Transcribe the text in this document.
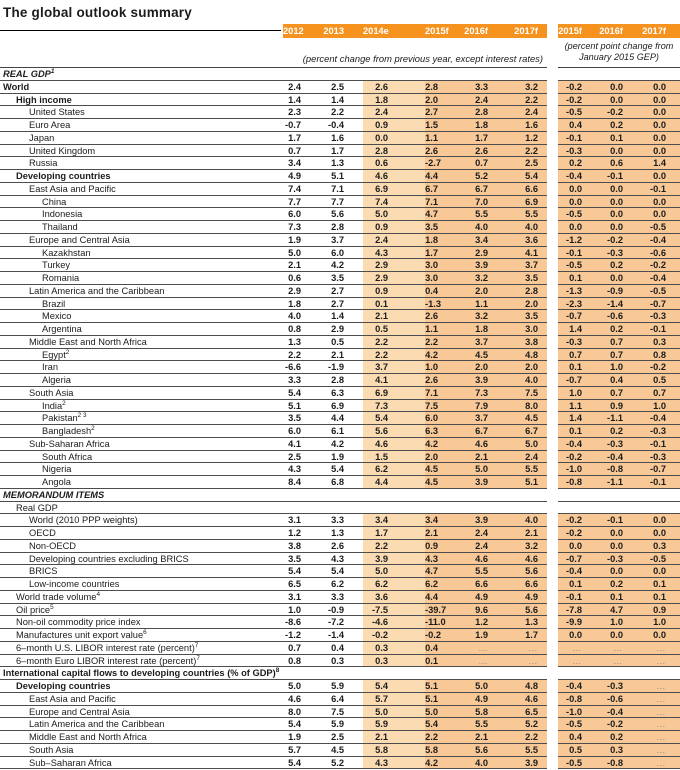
The global outlook summary
2012	2013	2014e	2015f	2016f	2017f	2015f	2016f	2017f
(percent change from previous year, except interest rates)
(percent point change from
January 2015 GEP)
REAL GDP$^1$
World	2.4	2.5	2.6	2.8	3.3	3.2	-0.2	0.0	0.0
High income	1.4	1.4	1.8	2.0	2.4	2.2	-0.2	0.0	0.0
United States	2.3	2.2	2.4	2.7	2.8	2.4	-0.5	-0.2	0.0
Euro Area	-0.7	-0.4	0.9	1.5	1.8	1.6	0.4	0.2	0.0
Japan	1.7	1.6	0.0	1.1	1.7	1.2	-0.1	0.1	0.0
United Kingdom	0.7	1.7	2.8	2.6	2.6	2.2	-0.3	0.0	0.0
Russia	3.4	1.3	0.6	-2.7	0.7	2.5	0.2	0.6	1.4
Developing countries	4.9	5.1	4.6	4.4	5.2	5.4	-0.4	-0.1	0.0
East Asia and Pacific	7.4	7.1	6.9	6.7	6.7	6.6	0.0	0.0	-0.1
China	7.7	7.7	7.4	7.1	7.0	6.9	0.0	0.0	0.0
Indonesia	6.0	5.6	5.0	4.7	5.5	5.5	-0.5	0.0	0.0
Thailand	7.3	2.8	0.9	3.5	4.0	4.0	0.0	0.0	-0.5
Europe and Central Asia	1.9	3.7	2.4	1.8	3.4	3.6	-1.2	-0.2	-0.4
Kazakhstan	5.0	6.0	4.3	1.7	2.9	4.1	-0.1	-0.3	-0.6
Turkey	2.1	4.2	2.9	3.0	3.9	3.7	-0.5	0.2	-0.2
Romania	0.6	3.5	2.9	3.0	3.2	3.5	0.1	0.0	-0.4
Latin America and the Caribbean	2.9	2.7	0.9	0.4	2.0	2.8	-1.3	-0.9	-0.5
Brazil	1.8	2.7	0.1	-1.3	1.1	2.0	-2.3	-1.4	-0.7
Mexico	4.0	1.4	2.1	2.6	3.2	3.5	-0.7	-0.6	-0.3
Argentina	0.8	2.9	0.5	1.1	1.8	3.0	1.4	0.2	-0.1
Middle East and North Africa	1.3	0.5	2.2	2.2	3.7	3.8	-0.3	0.7	0.3
Egypt$^2$	2.2	2.1	2.2	4.2	4.5	4.8	0.7	0.7	0.8
Iran	-6.6	-1.9	3.7	1.0	2.0	2.0	0.1	1.0	-0.2
Algeria	3.3	2.8	4.1	2.6	3.9	4.0	-0.7	0.4	0.5
South Asia	5.4	6.3	6.9	7.1	7.3	7.5	1.0	0.7	0.7
India$^2$	5.1	6.9	7.3	7.5	7.9	8.0	1.1	0.9	1.0
Pakistan$^{2 3}$	3.5	4.4	5.4	6.0	3.7	4.5	1.4	-1.1	-0.4
Bangladesh$^2$	6.0	6.1	5.6	6.3	6.7	6.7	0.1	0.2	-0.3
Sub-Saharan Africa	4.1	4.2	4.6	4.2	4.6	5.0	-0.4	-0.3	-0.1
South Africa	2.5	1.9	1.5	2.0	2.1	2.4	-0.2	-0.4	-0.3
Nigeria	4.3	5.4	6.2	4.5	5.0	5.5	-1.0	-0.8	-0.7
Angola	8.4	6.8	4.4	4.5	3.9	5.1	-0.8	-1.1	-0.1
MEMORANDUM ITEMS
Real GDP
World (2010 PPP weights)	3.1	3.3	3.4	3.4	3.9	4.0	-0.2	-0.1	0.0
OECD	1.2	1.3	1.7	2.1	2.4	2.1	-0.2	0.0	0.0
Non-OECD	3.8	2.6	2.2	0.9	2.4	3.2	0.0	0.0	0.3
Developing countries excluding BRICS	3.5	4.3	3.9	4.3	4.6	4.6	-0.7	-0.3	-0.5
BRICS	5.4	5.4	5.0	4.7	5.5	5.6	-0.4	0.0	0.0
Low-income countries	6.5	6.2	6.2	6.2	6.6	6.6	0.1	0.2	0.1
World trade volume$^4$	3.1	3.3	3.6	4.4	4.9	4.9	-0.1	0.1	0.1
Oil price$^5$	1.0	-0.9	-7.5	-39.7	9.6	5.6	-7.8	4.7	0.9
Non-oil commodity price index	-8.6	-7.2	-4.6	-11.0	1.2	1.3	-9.9	1.0	1.0
Manufactures unit export value$^6$	-1.2	-1.4	-0.2	-0.2	1.9	1.7	0.0	0.0	0.0
6–month U.S. LIBOR interest rate (percent)$^7$	0.7	0.4	0.3	0.4	…	…	…	…	…
6–month Euro LIBOR interest rate (percent)$^7$	0.8	0.3	0.3	0.1	…	…	…	…	…
International capital flows to developing countries (% of GDP)$^8$
Developing countries	5.0	5.9	5.4	5.1	5.0	4.8	-0.4	-0.3	…
East Asia and Pacific	4.6	6.4	5.7	5.1	4.9	4.6	-0.8	-0.6	…
Europe and Central Asia	8.0	7.5	5.0	5.0	5.8	6.5	-1.0	-0.4	…
Latin America and the Caribbean	5.4	5.9	5.9	5.4	5.5	5.2	-0.5	-0.2	…
Middle East and North Africa	1.9	2.5	2.1	2.2	2.1	2.2	0.4	0.2	…
South Asia	5.7	4.5	5.8	5.8	5.6	5.5	0.5	0.3	…
Sub–Saharan Africa	5.4	5.2	4.3	4.2	4.0	3.9	-0.5	-0.8	…
